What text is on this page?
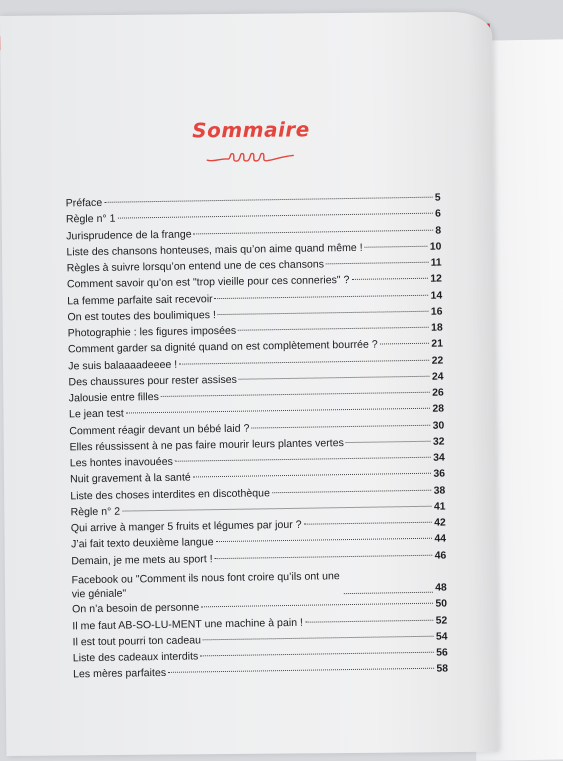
Sommaire
Préface	5
Règle n° 1	6
Jurisprudence de la frange	8
Liste des chansons honteuses, mais qu’on aime quand même !	10
Règles à suivre lorsqu’on entend une de ces chansons	11
Comment savoir qu’on est "trop vieille pour ces conneries" ?	12
La femme parfaite sait recevoir	14
On est toutes des boulimiques !	16
Photographie : les figures imposées	18
Comment garder sa dignité quand on est complètement bourrée ?	21
Je suis balaaaadeeee !	22
Des chaussures pour rester assises	24
Jalousie entre filles	26
Le jean test	28
Comment réagir devant un bébé laid ?	30
Elles réussissent à ne pas faire mourir leurs plantes vertes	32
Les hontes inavouées	34
Nuit gravement à la santé	36
Liste des choses interdites en discothèque	38
Règle n° 2	41
Qui arrive à manger 5 fruits et légumes par jour ?	42
J’ai fait texto deuxième langue	44
Demain, je me mets au sport !	46
Facebook ou "Comment ils nous font croire qu’ils ont une vie géniale"	48
On n’a besoin de personne	50
Il me faut AB-SO-LU-MENT une machine à pain !	52
Il est tout pourri ton cadeau	54
Liste des cadeaux interdits	56
Les mères parfaites	58
